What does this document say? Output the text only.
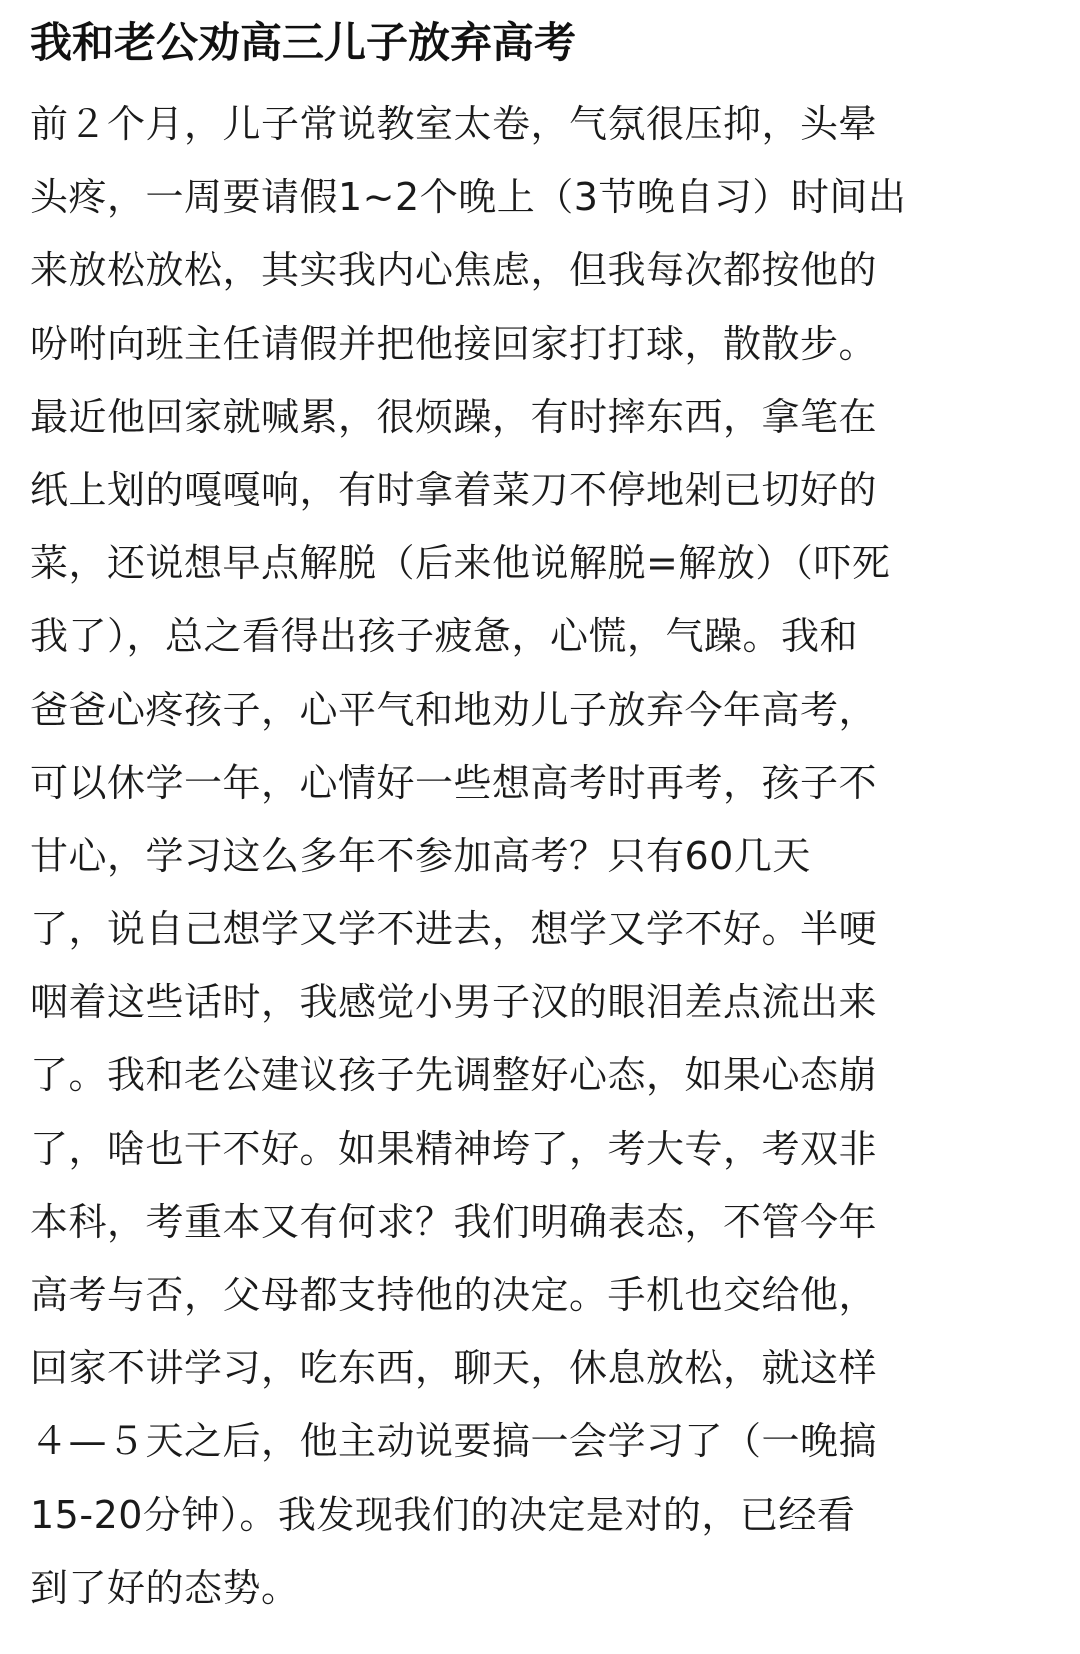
我和老公劝高三儿子放弃高考
前２个月，儿子常说教室太卷，气氛很压抑，头晕
头疼，一周要请假1~2个晚上（3节晚自习）时间出
来放松放松，其实我内心焦虑，但我每次都按他的
吩咐向班主任请假并把他接回家打打球，散散步。
最近他回家就喊累，很烦躁，有时摔东西，拿笔在
纸上划的嘎嘎响，有时拿着菜刀不停地剁已切好的
菜，还说想早点解脱（后来他说解脱=解放）（吓死
我了），总之看得出孩子疲惫，心慌，气躁。我和
爸爸心疼孩子，心平气和地劝儿子放弃今年高考，
可以休学一年，心情好一些想高考时再考，孩子不
甘心，学习这么多年不参加高考？只有60几天
了，说自己想学又学不进去，想学又学不好。半哽
咽着这些话时，我感觉小男子汉的眼泪差点流出来
了。我和老公建议孩子先调整好心态，如果心态崩
了，啥也干不好。如果精神垮了，考大专，考双非
本科，考重本又有何求？我们明确表态，不管今年
高考与否，父母都支持他的决定。手机也交给他，
回家不讲学习，吃东西，聊天，休息放松，就这样
４—５天之后，他主动说要搞一会学习了（一晚搞
15-20分钟）。我发现我们的决定是对的，已经看
到了好的态势。
